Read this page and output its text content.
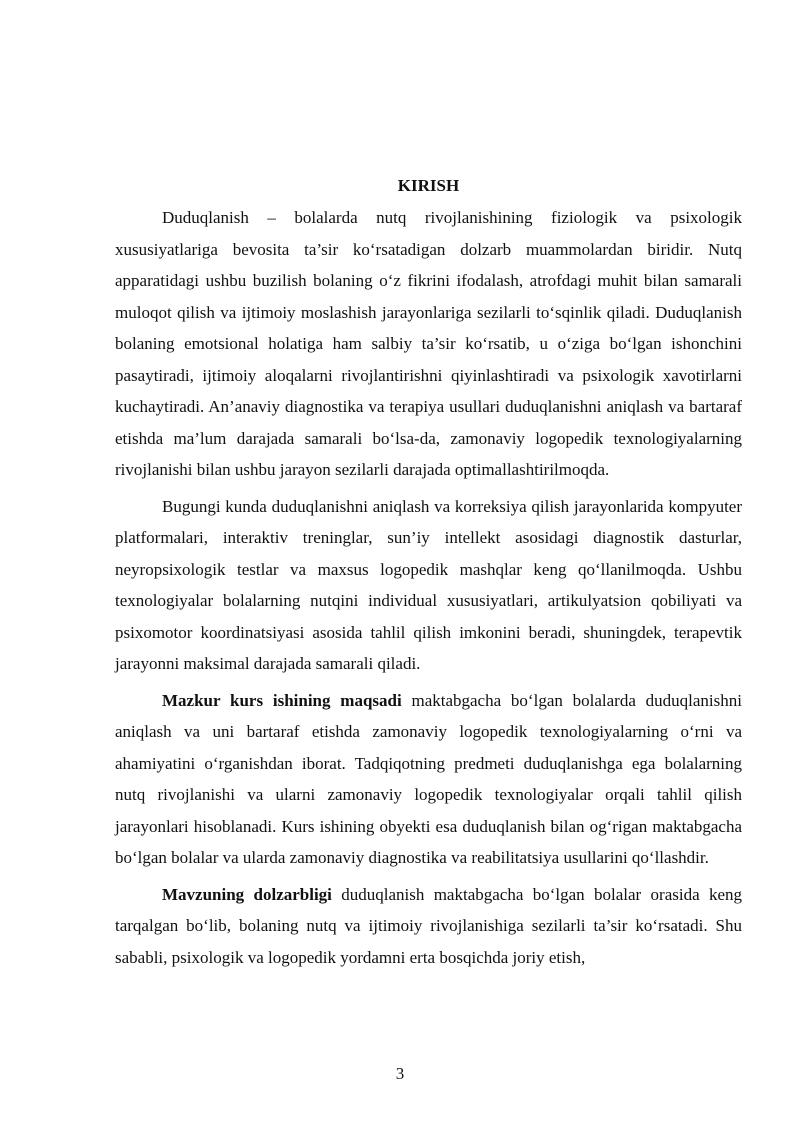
KIRISH

Duduqlanish – bolalarda nutq rivojlanishining fiziologik va psixologik xususiyatlariga bevosita ta’sir ko‘rsatadigan dolzarb muammolardan biridir. Nutq apparatidagi ushbu buzilish bolaning o‘z fikrini ifodalash, atrofdagi muhit bilan samarali muloqot qilish va ijtimoiy moslashish jarayonlariga sezilarli to‘sqinlik qiladi. Duduqlanish bolaning emotsional holatiga ham salbiy ta’sir ko‘rsatib, u o‘ziga bo‘lgan ishonchini pasaytiradi, ijtimoiy aloqalarni rivojlantirishni qiyinlashtiradi va psixologik xavotirlarni kuchaytiradi. An’anaviy diagnostika va terapiya usullari duduqlanishni aniqlash va bartaraf etishda ma’lum darajada samarali bo‘lsa-da, zamonaviy logopedik texnologiyalarning rivojlanishi bilan ushbu jarayon sezilarli darajada optimallashtirilmoqda.

Bugungi kunda duduqlanishni aniqlash va korreksiya qilish jarayonlarida kompyuter platformalari, interaktiv treninglar, sun’iy intellekt asosidagi diagnostik dasturlar, neyropsixologik testlar va maxsus logopedik mashqlar keng qo‘llanilmoqda. Ushbu texnologiyalar bolalarning nutqini individual xususiyatlari, artikulyatsion qobiliyati va psixomotor koordinatsiyasi asosida tahlil qilish imkonini beradi, shuningdek, terapevtik jarayonni maksimal darajada samarali qiladi.

Mazkur kurs ishining maqsadi maktabgacha bo‘lgan bolalarda duduqlanishni aniqlash va uni bartaraf etishda zamonaviy logopedik texnologiyalarning o‘rni va ahamiyatini o‘rganishdan iborat. Tadqiqotning predmeti duduqlanishga ega bolalarning nutq rivojlanishi va ularni zamonaviy logopedik texnologiyalar orqali tahlil qilish jarayonlari hisoblanadi. Kurs ishining obyekti esa duduqlanish bilan og‘rigan maktabgacha bo‘lgan bolalar va ularda zamonaviy diagnostika va reabilitatsiya usullarini qo‘llashdir.

Mavzuning dolzarbligi duduqlanish maktabgacha bo‘lgan bolalar orasida keng tarqalgan bo‘lib, bolaning nutq va ijtimoiy rivojlanishiga sezilarli ta’sir ko‘rsatadi. Shu sababli, psixologik va logopedik yordamni erta bosqichda joriy etish,

3
